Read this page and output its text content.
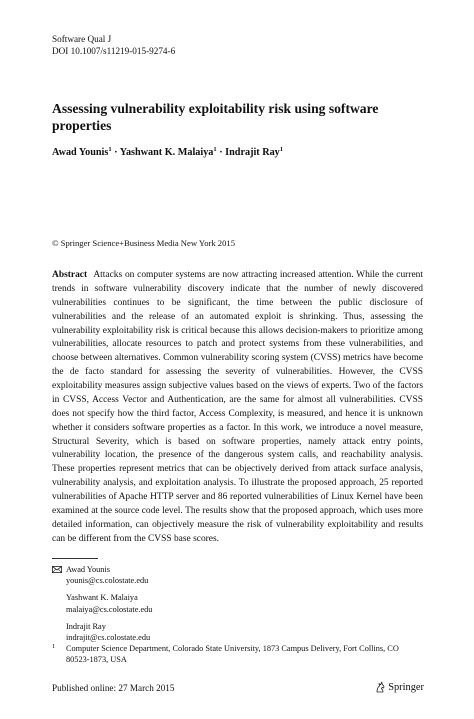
Software Qual J
DOI 10.1007/s11219-015-9274-6
Assessing vulnerability exploitability risk using software properties
Awad Younis$^1$ · Yashwant K. Malaiya$^1$ · Indrajit Ray$^1$
© Springer Science+Business Media New York 2015

Abstract Attacks on computer systems are now attracting increased attention. While the current trends in software vulnerability discovery indicate that the number of newly discovered vulnerabilities continues to be significant, the time between the public disclosure of vulnerabilities and the release of an automated exploit is shrinking. Thus, assessing the vulnerability exploitability risk is critical because this allows decision-makers to prioritize among vulnerabilities, allocate resources to patch and protect systems from these vulnerabilities, and choose between alternatives. Common vulnerability scoring system (CVSS) metrics have become the de facto standard for assessing the severity of vulnerabilities. However, the CVSS exploitability measures assign subjective values based on the views of experts. Two of the factors in CVSS, Access Vector and Authentication, are the same for almost all vulnerabilities. CVSS does not specify how the third factor, Access Complexity, is measured, and hence it is unknown whether it considers software properties as a factor. In this work, we introduce a novel measure, Structural Severity, which is based on software properties, namely attack entry points, vulnerability location, the presence of the dangerous system calls, and reachability analysis. These properties represent metrics that can be objectively derived from attack surface analysis, vulnerability analysis, and exploitation analysis. To illustrate the proposed approach, 25 reported vulnerabilities of Apache HTTP server and 86 reported vulnerabilities of Linux Kernel have been examined at the source code level. The results show that the proposed approach, which uses more detailed information, can objectively measure the risk of vulnerability exploitability and results can be different from the CVSS base scores.

Awad Younis
younis@cs.colostate.edu
Yashwant K. Malaiya
malaiya@cs.colostate.edu
Indrajit Ray
indrajit@cs.colostate.edu
1	Computer Science Department, Colorado State University, 1873 Campus Delivery, Fort Collins, CO 80523-1873, USA
Published online: 27 March 2015	Springer
